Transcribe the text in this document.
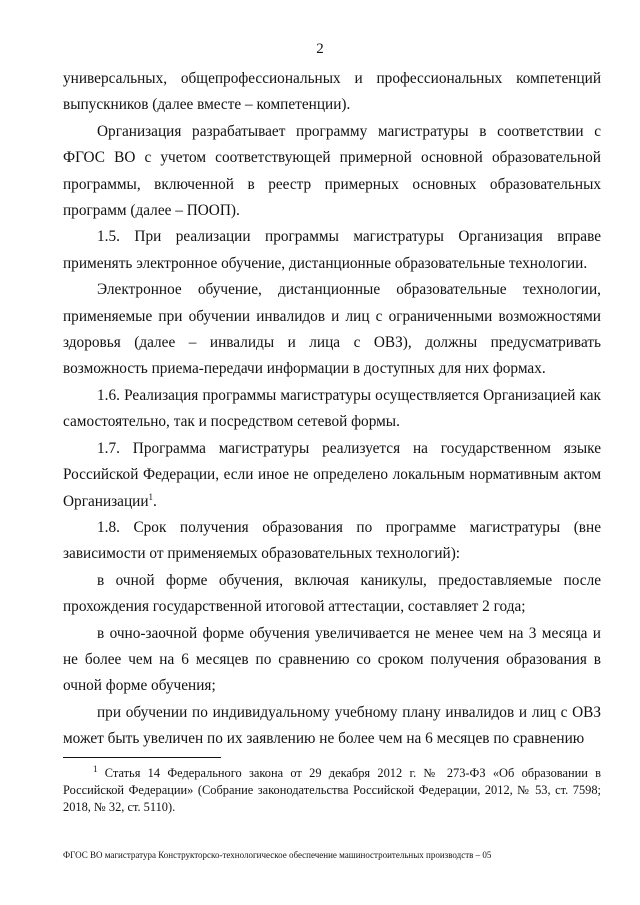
2

универсальных, общепрофессиональных и профессиональных компетенций выпускников (далее вместе – компетенции).

Организация разрабатывает программу магистратуры в соответствии с ФГОС ВО с учетом соответствующей примерной основной образовательной программы, включенной в реестр примерных основных образовательных программ (далее – ПООП).

1.5. При реализации программы магистратуры Организация вправе применять электронное обучение, дистанционные образовательные технологии.

Электронное обучение, дистанционные образовательные технологии, применяемые при обучении инвалидов и лиц с ограниченными возможностями здоровья (далее – инвалиды и лица с ОВЗ), должны предусматривать возможность приема-передачи информации в доступных для них формах.

1.6. Реализация программы магистратуры осуществляется Организацией как самостоятельно, так и посредством сетевой формы.

1.7. Программа магистратуры реализуется на государственном языке Российской Федерации, если иное не определено локальным нормативным актом Организации$^1$.

1.8. Срок получения образования по программе магистратуры (вне зависимости от применяемых образовательных технологий):

в очной форме обучения, включая каникулы, предоставляемые после прохождения государственной итоговой аттестации, составляет 2 года;

в очно-заочной форме обучения увеличивается не менее чем на 3 месяца и не более чем на 6 месяцев по сравнению со сроком получения образования в очной форме обучения;

при обучении по индивидуальному учебному плану инвалидов и лиц с ОВЗ может быть увеличен по их заявлению не более чем на 6 месяцев по сравнению

$^1$ Статья 14 Федерального закона от 29 декабря 2012 г. № 273-ФЗ «Об образовании в Российской Федерации» (Собрание законодательства Российской Федерации, 2012, № 53, ст. 7598; 2018, № 32, ст. 5110).
ФГОС ВО магистратура Конструкторско-технологическое обеспечение машиностроительных производств – 05
